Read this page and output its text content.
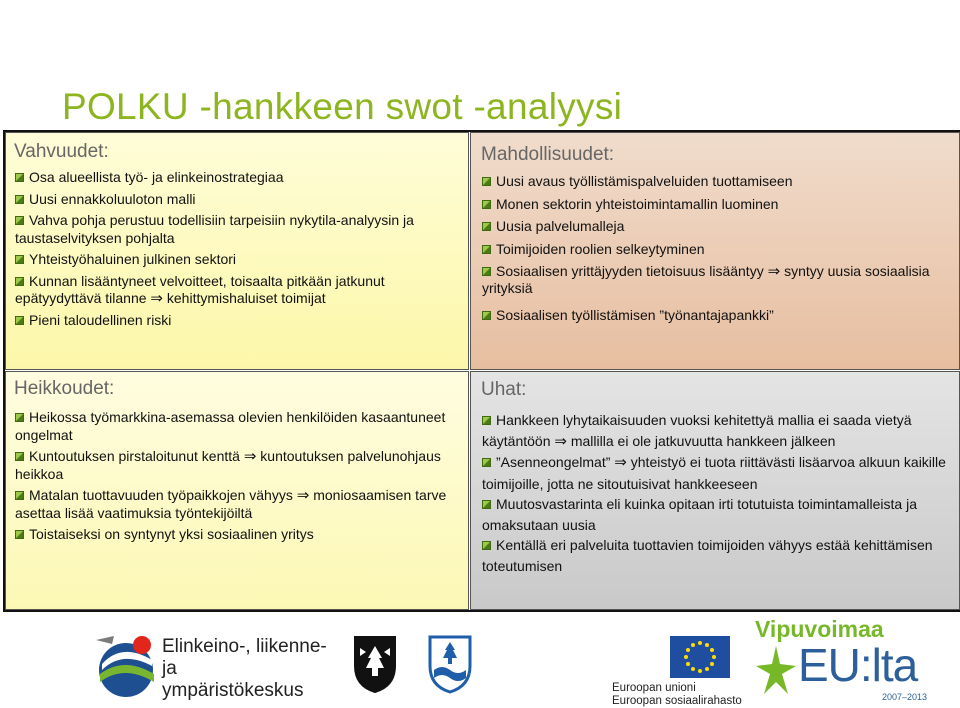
POLKU -hankkeen swot -analyysi
Vahvuudet:
Osa alueellista työ- ja elinkeinostrategiaa
Uusi ennakkoluuloton malli
Vahva pohja perustuu todellisiin tarpeisiin nykytila-analyysin ja taustaselvityksen pohjalta
Yhteistyöhaluinen julkinen sektori
Kunnan lisääntyneet velvoitteet, toisaalta pitkään jatkunut epätyydyttävä tilanne ⇒ kehittymishaluiset toimijat
Pieni taloudellinen riski
Mahdollisuudet:
Uusi avaus työllistämispalveluiden tuottamiseen
Monen sektorin yhteistoimintamallin luominen
Uusia palvelumalleja
Toimijoiden roolien selkeytyminen
Sosiaalisen yrittäjyyden tietoisuus lisääntyy ⇒ syntyy uusia sosiaalisia yrityksiä
Sosiaalisen työllistämisen ”työnantajapankki”
Heikkoudet:
Heikossa työmarkkina-asemassa olevien henkilöiden kasaantuneet ongelmat
Kuntoutuksen pirstaloitunut kenttä ⇒ kuntoutuksen palvelunohjaus heikkoa
Matalan tuottavuuden työpaikkojen vähyys ⇒ moniosaamisen tarve asettaa lisää vaatimuksia työntekijöiltä
Toistaiseksi on syntynyt yksi sosiaalinen yritys
Uhat:
Hankkeen lyhytaikaisuuden vuoksi kehitettyä mallia ei saada vietyä käytäntöön ⇒ mallilla ei ole jatkuvuutta hankkeen jälkeen
”Asenneongelmat” ⇒ yhteistyö ei tuota riittävästi lisäarvoa alkuun kaikille toimijoille, jotta ne sitoutuisivat hankkeeseen
Muutosvastarinta eli kuinka opitaan irti totutuista toimintamalleista ja omaksutaan uusia
Kentällä eri palveluita tuottavien toimijoiden vähyys estää kehittämisen toteutumisen
Elinkeino-, liikenne- ja
ympäristökeskus	Euroopan unioni
Euroopan sosiaalirahasto
Vipuvoimaa
EU:lta
2007–2013
